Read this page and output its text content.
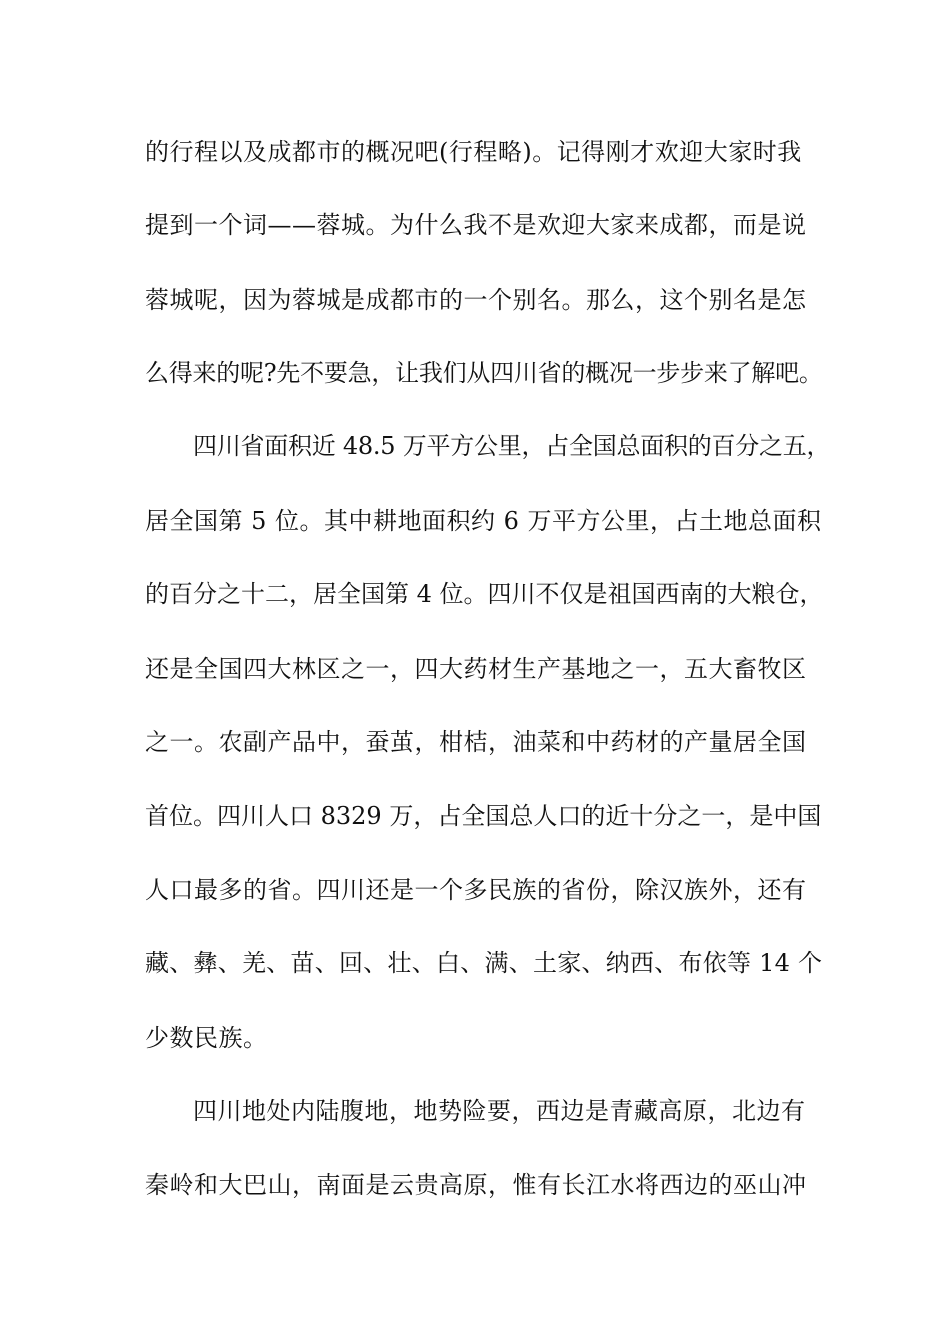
的行程以及成都市的概况吧(行程略)。记得刚才欢迎大家时我
提到一个词——蓉城。为什么我不是欢迎大家来成都，而是说
蓉城呢，因为蓉城是成都市的一个别名。那么，这个别名是怎
么得来的呢?先不要急，让我们从四川省的概况一步步来了解吧。
四川省面积近 48.5 万平方公里，占全国总面积的百分之五，
居全国第 5 位。其中耕地面积约 6 万平方公里，占土地总面积
的百分之十二，居全国第 4 位。四川不仅是祖国西南的大粮仓，
还是全国四大林区之一，四大药材生产基地之一，五大畜牧区
之一。农副产品中，蚕茧，柑桔，油菜和中药材的产量居全国
首位。四川人口 8329 万，占全国总人口的近十分之一，是中国
人口最多的省。四川还是一个多民族的省份，除汉族外，还有
藏、彝、羌、苗、回、壮、白、满、土家、纳西、布依等 14 个
少数民族。
四川地处内陆腹地，地势险要，西边是青藏高原，北边有
秦岭和大巴山，南面是云贵高原，惟有长江水将西边的巫山冲
